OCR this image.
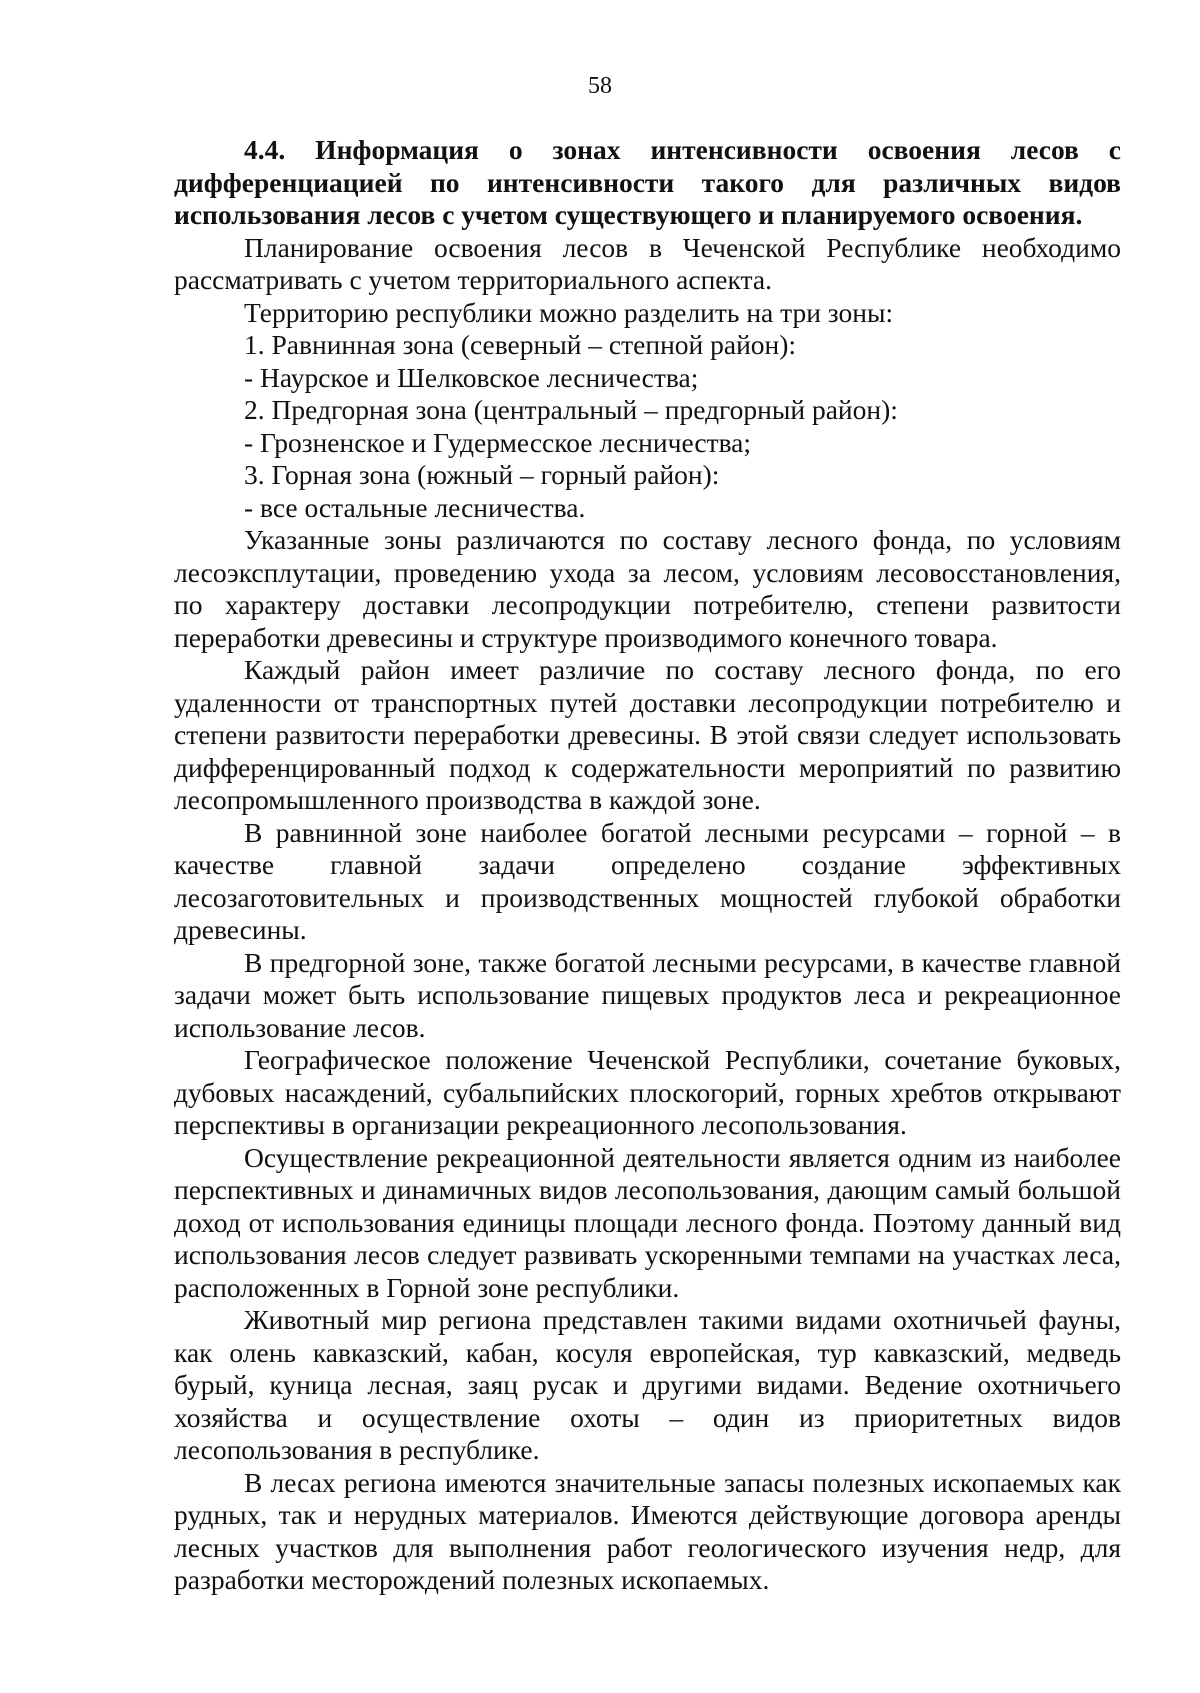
58

4.4. Информация о зонах интенсивности освоения лесов с дифференциацией по интенсивности такого для различных видов использования лесов с учетом существующего и планируемого освоения.

Планирование освоения лесов в Чеченской Республике необходимо рассматривать с учетом территориального аспекта.

Территорию республики можно разделить на три зоны:

1. Равнинная зона (северный – степной район):

- Наурское и Шелковское лесничества;

2. Предгорная зона (центральный – предгорный район):

- Грозненское и Гудермесское лесничества;

3. Горная зона (южный – горный район):

- все остальные лесничества.

Указанные зоны различаются по составу лесного фонда, по условиям лесоэксплутации, проведению ухода за лесом, условиям лесовосстановления, по характеру доставки лесопродукции потребителю, степени развитости переработки древесины и структуре производимого конечного товара.

Каждый район имеет различие по составу лесного фонда, по его удаленности от транспортных путей доставки лесопродукции потребителю и степени развитости переработки древесины. В этой связи следует использовать дифференцированный подход к содержательности мероприятий по развитию лесопромышленного производства в каждой зоне.

В равнинной зоне наиболее богатой лесными ресурсами – горной – в качестве главной задачи определено создание эффективных лесозаготовительных и производственных мощностей глубокой обработки древесины.

В предгорной зоне, также богатой лесными ресурсами, в качестве главной задачи может быть использование пищевых продуктов леса и рекреационное использование лесов.

Географическое положение Чеченской Республики, сочетание буковых, дубовых насаждений, субальпийских плоскогорий, горных хребтов открывают перспективы в организации рекреационного лесопользования.

Осуществление рекреационной деятельности является одним из наиболее перспективных и динамичных видов лесопользования, дающим самый большой доход от использования единицы площади лесного фонда. Поэтому данный вид использования лесов следует развивать ускоренными темпами на участках леса, расположенных в Горной зоне республики.

Животный мир региона представлен такими видами охотничьей фауны, как олень кавказский, кабан, косуля европейская, тур кавказский, медведь бурый, куница лесная, заяц русак и другими видами. Ведение охотничьего хозяйства и осуществление охоты – один из приоритетных видов лесопользования в республике.

В лесах региона имеются значительные запасы полезных ископаемых как рудных, так и нерудных материалов. Имеются действующие договора аренды лесных участков для выполнения работ геологического изучения недр, для разработки месторождений полезных ископаемых.
